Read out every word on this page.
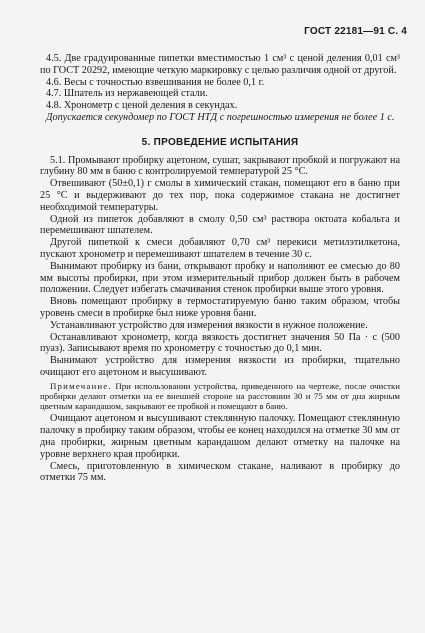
ГОСТ 22181—91 С. 4

4.5. Две градуированные пипетки вместимостью 1 см³ с ценой деления 0,01 см³ по ГОСТ 20292, имеющие четкую маркировку с целью различия одной от другой.

4.6. Весы с точностью взвешивания не более 0,1 г.

4.7. Шпатель из нержавеющей стали.

4.8. Хронометр с ценой деления в секундах.

Допускается секундомер по ГОСТ НТД с погрешностью измерения не более 1 с.

5. ПРОВЕДЕНИЕ ИСПЫТАНИЯ

5.1. Промывают пробирку ацетоном, сушат, закрывают пробкой и погружают на глубину 80 мм в баню с контролируемой температурой 25 °С.

Отвешивают (50±0,1) г смолы в химический стакан, помещают его в баню при 25 °С и выдерживают до тех пор, пока содержимое стакана не достигнет необходимой температуры.

Одной из пипеток добавляют в смолу 0,50 см³ раствора октоата кобальта и перемешивают шпателем.

Другой пипеткой к смеси добавляют 0,70 см³ перекиси метилэтилкетона, пускают хронометр и перемешивают шпателем в течение 30 с.

Вынимают пробирку из бани, открывают пробку и наполняют ее смесью до 80 мм высоты пробирки, при этом измерительный прибор должен быть в рабочем положении. Следует избегать смачивания стенок пробирки выше этого уровня.

Вновь помещают пробирку в термостатируемую баню таким образом, чтобы уровень смеси в пробирке был ниже уровня бани.

Устанавливают устройство для измерения вязкости в нужное положение.

Останавливают хронометр, когда вязкость достигнет значения 50 Па · с (500 пуаз). Записывают время по хронометру с точностью до 0,1 мин.

Вынимают устройство для измерения вязкости из пробирки, тщательно очищают его ацетоном и высушивают.

Примечание. При использовании устройства, приведенного на чертеже, после очистки пробирки делают отметки на ее внешней стороне на расстоянии 30 и 75 мм от дна жирным цветным карандашом, закрывают ее пробкой и помещают в баню.

Очищают ацетоном и высушивают стеклянную палочку. Помещают стеклянную палочку в пробирку таким образом, чтобы ее конец находился на отметке 30 мм от дна пробирки, жирным цветным карандашом делают отметку на палочке на уровне верхнего края пробирки.

Смесь, приготовленную в химическом стакане, наливают в пробирку до отметки 75 мм.
